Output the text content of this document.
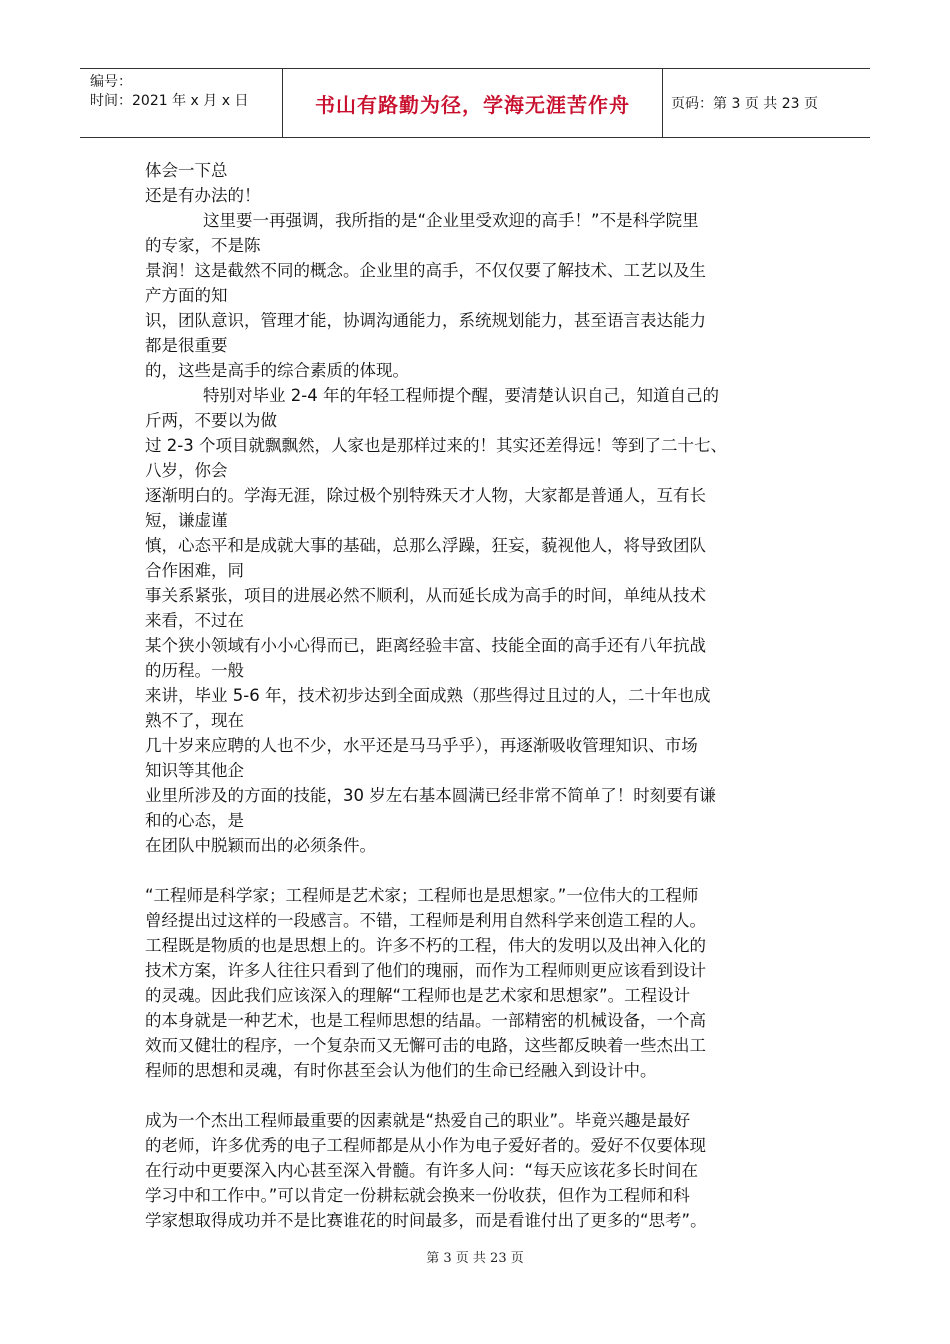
编号：
时间：2021 年 x 月 x 日	书山有路勤为径，学海无涯苦作舟	页码：第 3 页 共 23 页
体会一下总
还是有办法的！
这里要一再强调，我所指的是“企业里受欢迎的高手！”不是科学院里
的专家，不是陈
景润！这是截然不同的概念。企业里的高手，不仅仅要了解技术、工艺以及生
产方面的知
识，团队意识，管理才能，协调沟通能力，系统规划能力，甚至语言表达能力
都是很重要
的，这些是高手的综合素质的体现。
特别对毕业 2-4 年的年轻工程师提个醒，要清楚认识自己，知道自己的
斤两，不要以为做
过 2-3 个项目就飘飘然，人家也是那样过来的！其实还差得远！等到了二十七、
八岁，你会
逐渐明白的。学海无涯，除过极个别特殊天才人物，大家都是普通人，互有长
短，谦虚谨
慎，心态平和是成就大事的基础，总那么浮躁，狂妄，藐视他人，将导致团队
合作困难，同
事关系紧张，项目的进展必然不顺利，从而延长成为高手的时间，单纯从技术
来看，不过在
某个狭小领域有小小心得而已，距离经验丰富、技能全面的高手还有八年抗战
的历程。一般
来讲，毕业 5-6 年，技术初步达到全面成熟（那些得过且过的人，二十年也成
熟不了，现在
几十岁来应聘的人也不少，水平还是马马乎乎），再逐渐吸收管理知识、市场
知识等其他企
业里所涉及的方面的技能，30 岁左右基本圆满已经非常不简单了！时刻要有谦
和的心态，是
在团队中脱颖而出的必须条件。
“工程师是科学家；工程师是艺术家；工程师也是思想家。”一位伟大的工程师
曾经提出过这样的一段感言。不错，工程师是利用自然科学来创造工程的人。
工程既是物质的也是思想上的。许多不朽的工程，伟大的发明以及出神入化的
技术方案，许多人往往只看到了他们的瑰丽，而作为工程师则更应该看到设计
的灵魂。因此我们应该深入的理解“工程师也是艺术家和思想家”。工程设计
的本身就是一种艺术，也是工程师思想的结晶。一部精密的机械设备，一个高
效而又健壮的程序，一个复杂而又无懈可击的电路，这些都反映着一些杰出工
程师的思想和灵魂，有时你甚至会认为他们的生命已经融入到设计中。
成为一个杰出工程师最重要的因素就是“热爱自己的职业”。毕竟兴趣是最好
的老师，许多优秀的电子工程师都是从小作为电子爱好者的。爱好不仅要体现
在行动中更要深入内心甚至深入骨髓。有许多人问：“每天应该花多长时间在
学习中和工作中。”可以肯定一份耕耘就会换来一份收获，但作为工程师和科
学家想取得成功并不是比赛谁花的时间最多，而是看谁付出了更多的“思考”。
第 3 页 共 23 页
